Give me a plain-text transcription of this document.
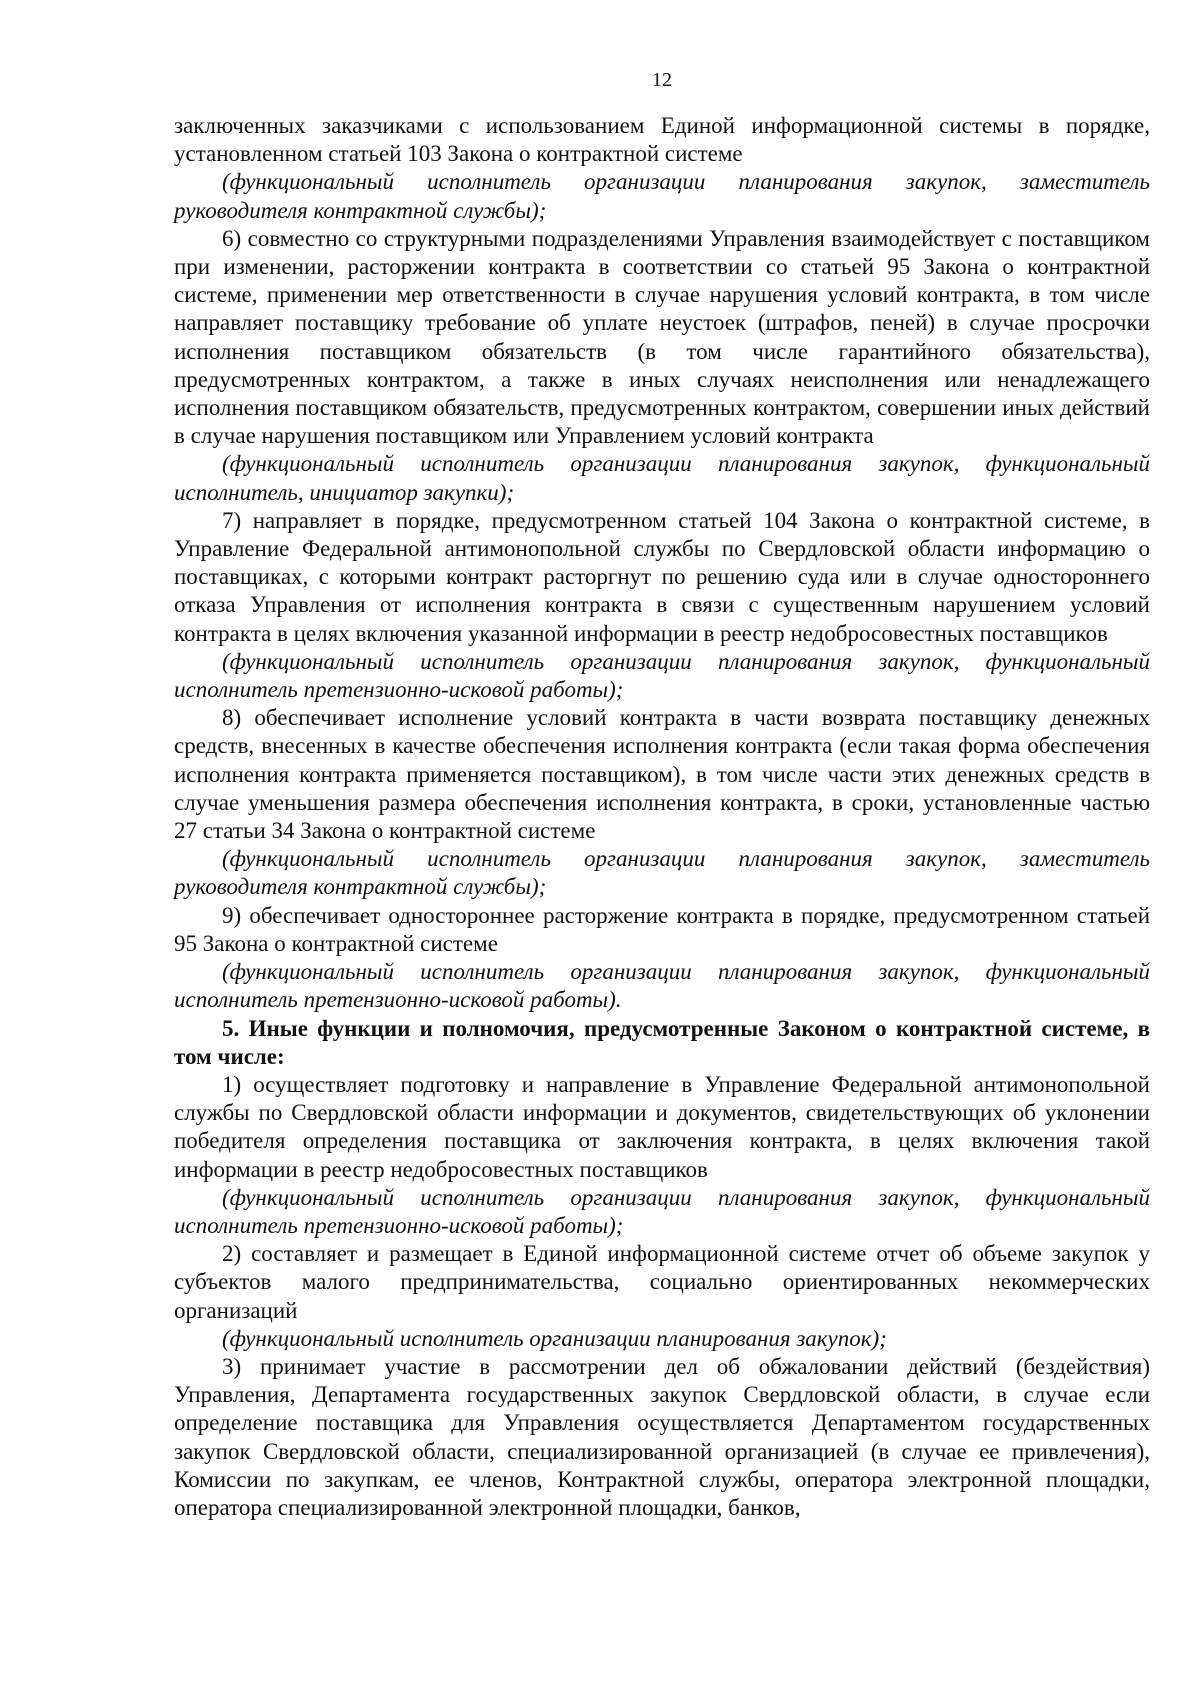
12

заключенных заказчиками с использованием Единой информационной системы в порядке, установленном статьей 103 Закона о контрактной системе

(функциональный исполнитель организации планирования закупок, заместитель руководителя контрактной службы);

6) совместно со структурными подразделениями Управления взаимодействует с поставщиком при изменении, расторжении контракта в соответствии со статьей 95 Закона о контрактной системе, применении мер ответственности в случае нарушения условий контракта, в том числе направляет поставщику требование об уплате неустоек (штрафов, пеней) в случае просрочки исполнения поставщиком обязательств (в том числе гарантийного обязательства), предусмотренных контрактом, а также в иных случаях неисполнения или ненадлежащего исполнения поставщиком обязательств, предусмотренных контрактом, совершении иных действий в случае нарушения поставщиком или Управлением условий контракта

(функциональный исполнитель организации планирования закупок, функциональный исполнитель, инициатор закупки);

7) направляет в порядке, предусмотренном статьей 104 Закона о контрактной системе, в Управление Федеральной антимонопольной службы по Свердловской области информацию о поставщиках, с которыми контракт расторгнут по решению суда или в случае одностороннего отказа Управления от исполнения контракта в связи с существенным нарушением условий контракта в целях включения указанной информации в реестр недобросовестных поставщиков

(функциональный исполнитель организации планирования закупок, функциональный исполнитель претензионно-исковой работы);

8) обеспечивает исполнение условий контракта в части возврата поставщику денежных средств, внесенных в качестве обеспечения исполнения контракта (если такая форма обеспечения исполнения контракта применяется поставщиком), в том числе части этих денежных средств в случае уменьшения размера обеспечения исполнения контракта, в сроки, установленные частью 27 статьи 34 Закона о контрактной системе

(функциональный исполнитель организации планирования закупок, заместитель руководителя контрактной службы);

9) обеспечивает одностороннее расторжение контракта в порядке, предусмотренном статьей 95 Закона о контрактной системе

(функциональный исполнитель организации планирования закупок, функциональный исполнитель претензионно-исковой работы).

5. Иные функции и полномочия, предусмотренные Законом о контрактной системе, в том числе:

1) осуществляет подготовку и направление в Управление Федеральной антимонопольной службы по Свердловской области информации и документов, свидетельствующих об уклонении победителя определения поставщика от заключения контракта, в целях включения такой информации в реестр недобросовестных поставщиков

(функциональный исполнитель организации планирования закупок, функциональный исполнитель претензионно-исковой работы);

2) составляет и размещает в Единой информационной системе отчет об объеме закупок у субъектов малого предпринимательства, социально ориентированных некоммерческих организаций

(функциональный исполнитель организации планирования закупок);

3) принимает участие в рассмотрении дел об обжаловании действий (бездействия) Управления, Департамента государственных закупок Свердловской области, в случае если определение поставщика для Управления осуществляется Департаментом государственных закупок Свердловской области, специализированной организацией (в случае ее привлечения), Комиссии по закупкам, ее членов, Контрактной службы, оператора электронной площадки, оператора специализированной электронной площадки, банков,
